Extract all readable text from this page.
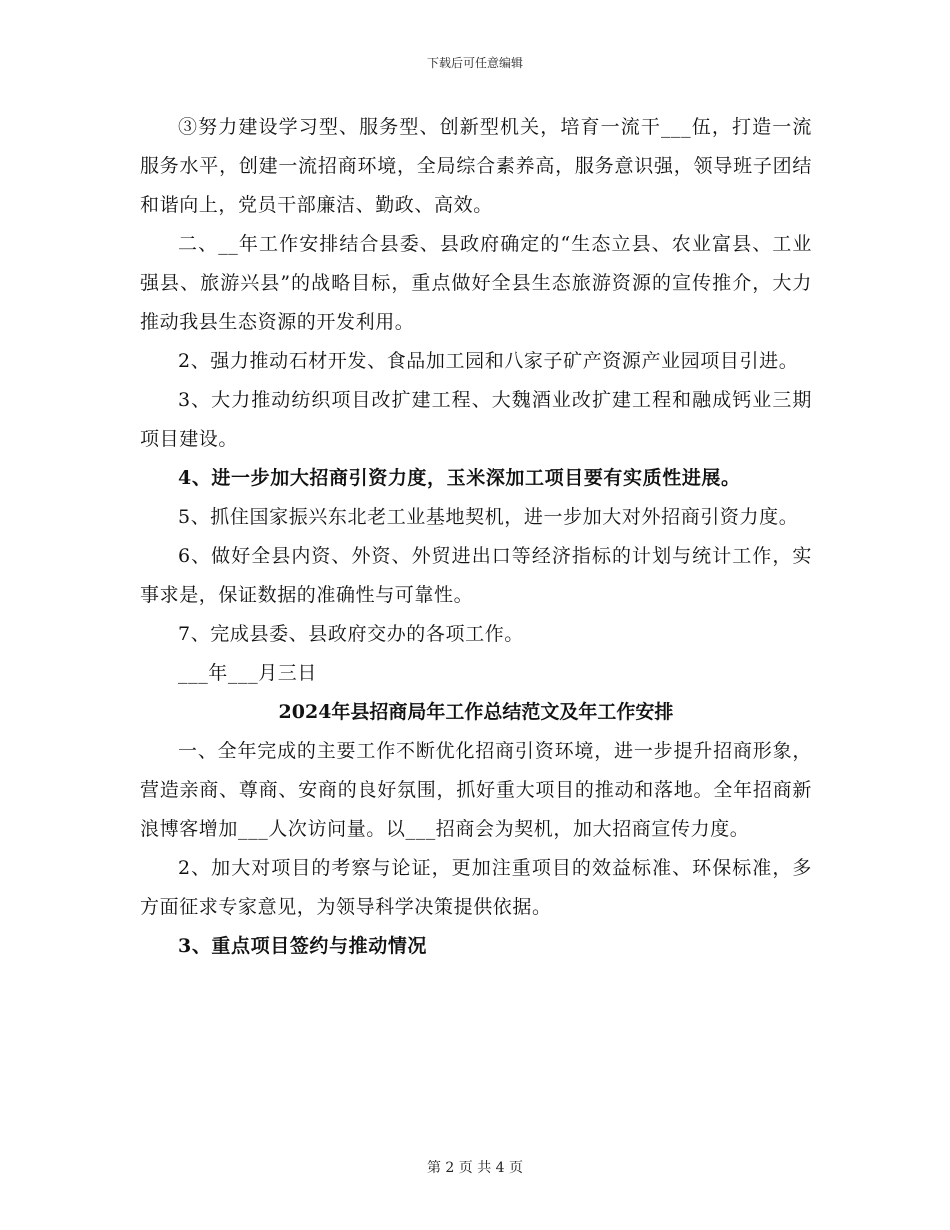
下载后可任意编辑

③努力建设学习型、服务型、创新型机关，培育一流干___伍，打造一流服务水平，创建一流招商环境，全局综合素养高，服务意识强，领导班子团结和谐向上，党员干部廉洁、勤政、高效。

二、__年工作安排结合县委、县政府确定的“生态立县、农业富县、工业强县、旅游兴县”的战略目标，重点做好全县生态旅游资源的宣传推介，大力推动我县生态资源的开发利用。

2、强力推动石材开发、食品加工园和八家子矿产资源产业园项目引进。

3、大力推动纺织项目改扩建工程、大魏酒业改扩建工程和融成钙业三期项目建设。

4、进一步加大招商引资力度，玉米深加工项目要有实质性进展。

5、抓住国家振兴东北老工业基地契机，进一步加大对外招商引资力度。

6、做好全县内资、外资、外贸进出口等经济指标的计划与统计工作，实事求是，保证数据的准确性与可靠性。

7、完成县委、县政府交办的各项工作。

___年___月三日

2024年县招商局年工作总结范文及年工作安排

一、全年完成的主要工作不断优化招商引资环境，进一步提升招商形象，营造亲商、尊商、安商的良好氛围，抓好重大项目的推动和落地。全年招商新浪博客增加___人次访问量。以___招商会为契机，加大招商宣传力度。

2、加大对项目的考察与论证，更加注重项目的效益标准、环保标准，多方面征求专家意见，为领导科学决策提供依据。

3、重点项目签约与推动情况

第 2 页 共 4 页
